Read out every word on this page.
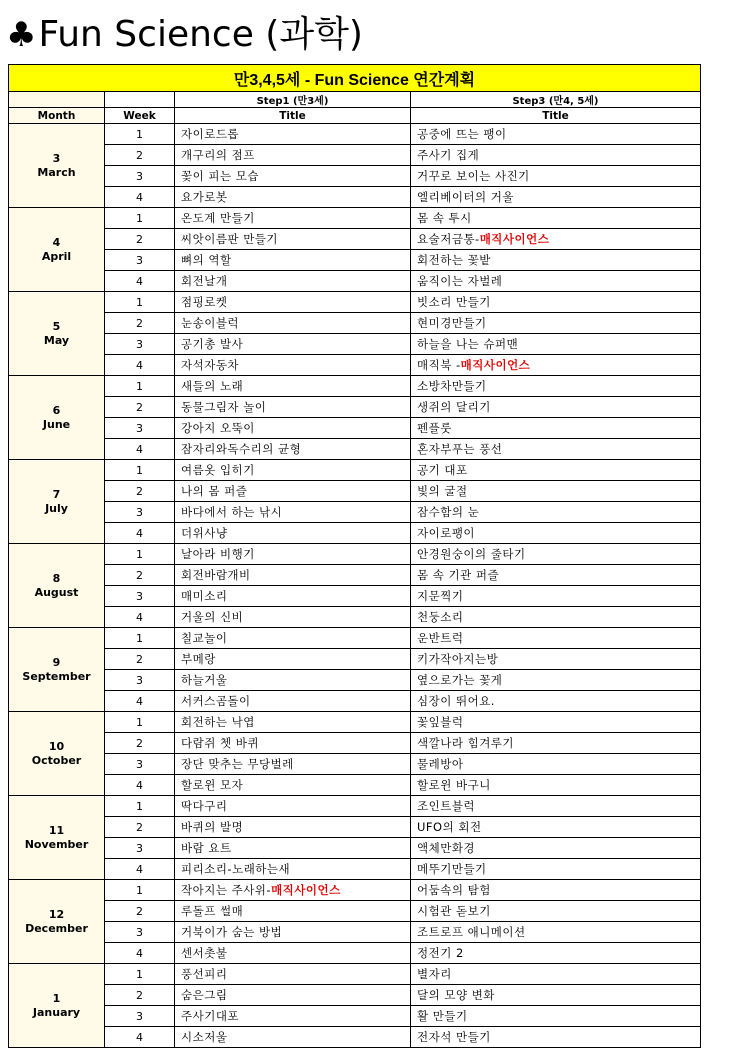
♣Fun Science (과학)
만3,4,5세 - Fun Science 연간계획			
		Step1 (만3세)	Step3 (만4, 5세)
Month	Week	Title	Title

3
March	1	자이로드롭	공중에 뜨는 팽이
	2	개구리의 점프	주사기 집게
	3	꽃이 피는 모습	거꾸로 보이는 사진기
	4	요가로봇	엘리베이터의 거울

4
April	1	온도계 만들기	몸 속 투시
	2	씨앗이름판 만들기	요술저금통-매직사이언스
	3	뼈의 역할	회전하는 꽃밭
	4	회전날개	움직이는 자벌레

5
May	1	점핑로켓	빗소리 만들기
	2	눈송이블럭	현미경만들기
	3	공기총 발사	하늘을 나는 슈퍼맨
	4	자석자동차	매직북 -매직사이언스

6
June	1	새들의 노래	소방차만들기
	2	동물그림자 놀이	생쥐의 달리기
	3	강아지 오뚝이	펜플룻
	4	잠자리와독수리의 균형	혼자부푸는 풍선

7
July	1	여름옷 입히기	공기 대포
	2	나의 몸 퍼즐	빛의 굴절
	3	바다에서 하는 낚시	잠수함의 눈
	4	더위사냥	자이로팽이

8
August	1	날아라 비행기	안경원숭이의 줄타기
	2	회전바람개비	몸 속 기관 퍼즐
	3	매미소리	지문찍기
	4	거울의 신비	천둥소리

9
September	1	칠교놀이	운반트럭
	2	부메랑	키가작아지는방
	3	하늘거울	옆으로가는 꽃게
	4	서커스곰돌이	심장이 뛰어요.

10
October	1	회전하는 낙엽	꽃잎블럭
	2	다람쥐 쳇 바퀴	색깔나라 힘겨루기
	3	장단 맞추는 무당벌레	물레방아
	4	할로윈 모자	할로윈 바구니

11
November	1	딱다구리	조인트블럭
	2	바퀴의 발명	UFO의 회전
	3	바람 요트	액체만화경
	4	피리소리-노래하는새	메뚜기만들기

12
December	1	작아지는 주사위-매직사이언스	어둠속의 탐험
	2	루돌프 썰매	시험관 돋보기
	3	거북이가 숨는 방법	조트로프 애니메이션
	4	센서촛불	정전기 2

1
January	1	풍선피리	별자리
	2	숨은그림	달의 모양 변화
	3	주사기대포	활 만들기
	4	시소저울	전자석 만들기
